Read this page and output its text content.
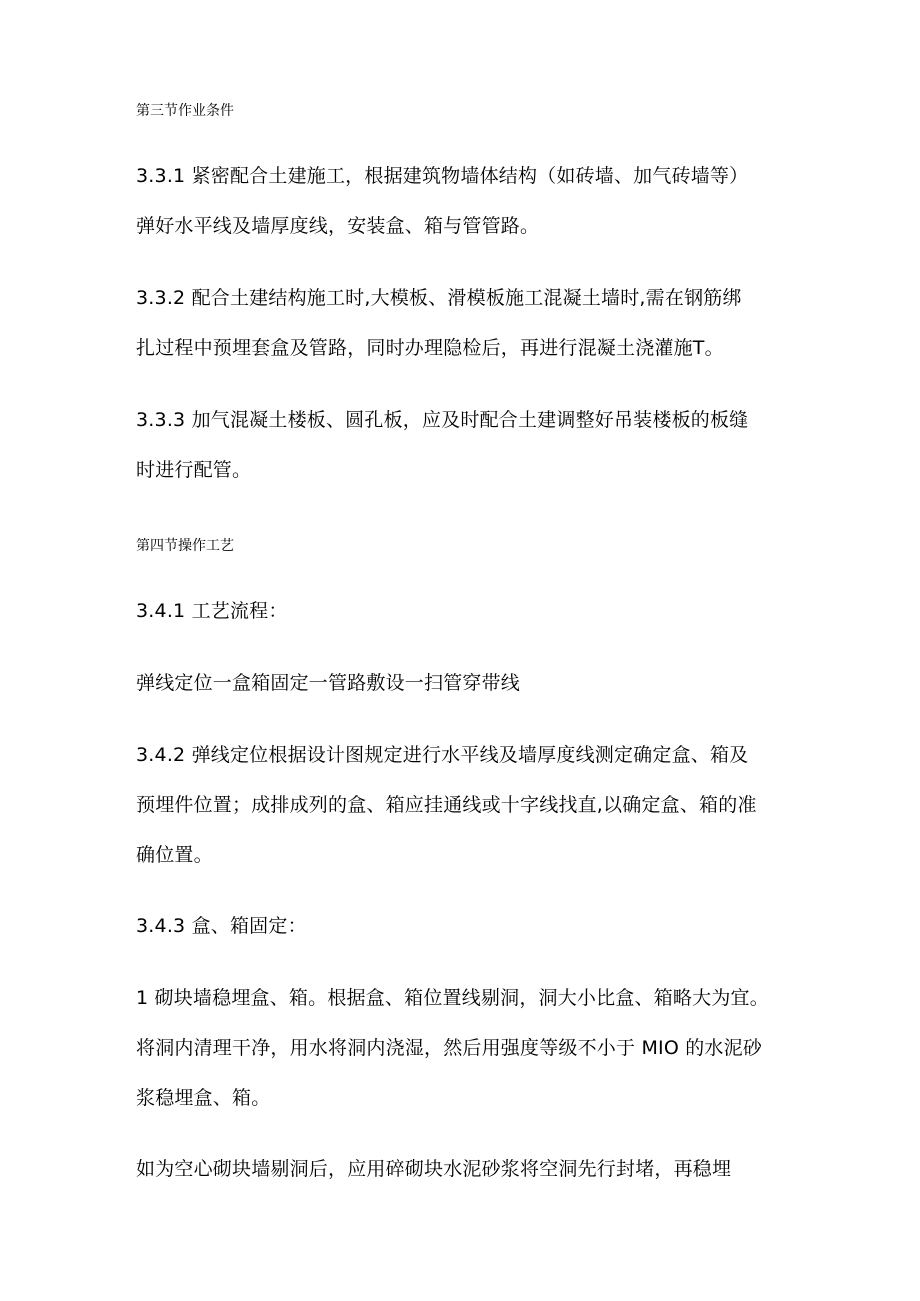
第三节作业条件
3.3.1 紧密配合土建施工，根据建筑物墙体结构（如砖墙、加气砖墙等）
弹好水平线及墙厚度线，安装盒、箱与管管路。
3.3.2 配合土建结构施工时,大模板、滑模板施工混凝土墙时,需在钢筋绑
扎过程中预埋套盒及管路，同时办理隐检后，再进行混凝土浇灌施T。
3.3.3 加气混凝土楼板、圆孔板，应及时配合土建调整好吊装楼板的板缝
时进行配管。
第四节操作工艺
3.4.1 工艺流程：
弹线定位一盒箱固定一管路敷设一扫管穿带线
3.4.2 弹线定位根据设计图规定进行水平线及墙厚度线测定确定盒、箱及
预埋件位置；成排成列的盒、箱应挂通线或十字线找直,以确定盒、箱的准
确位置。
3.4.3 盒、箱固定：
1 砌块墙稳埋盒、箱。根据盒、箱位置线剔洞，洞大小比盒、箱略大为宜。
将洞内清理干净，用水将洞内浇湿，然后用强度等级不小于 MIO 的水泥砂
浆稳埋盒、箱。
如为空心砌块墙剔洞后，应用碎砌块水泥砂浆将空洞先行封堵，再稳埋
